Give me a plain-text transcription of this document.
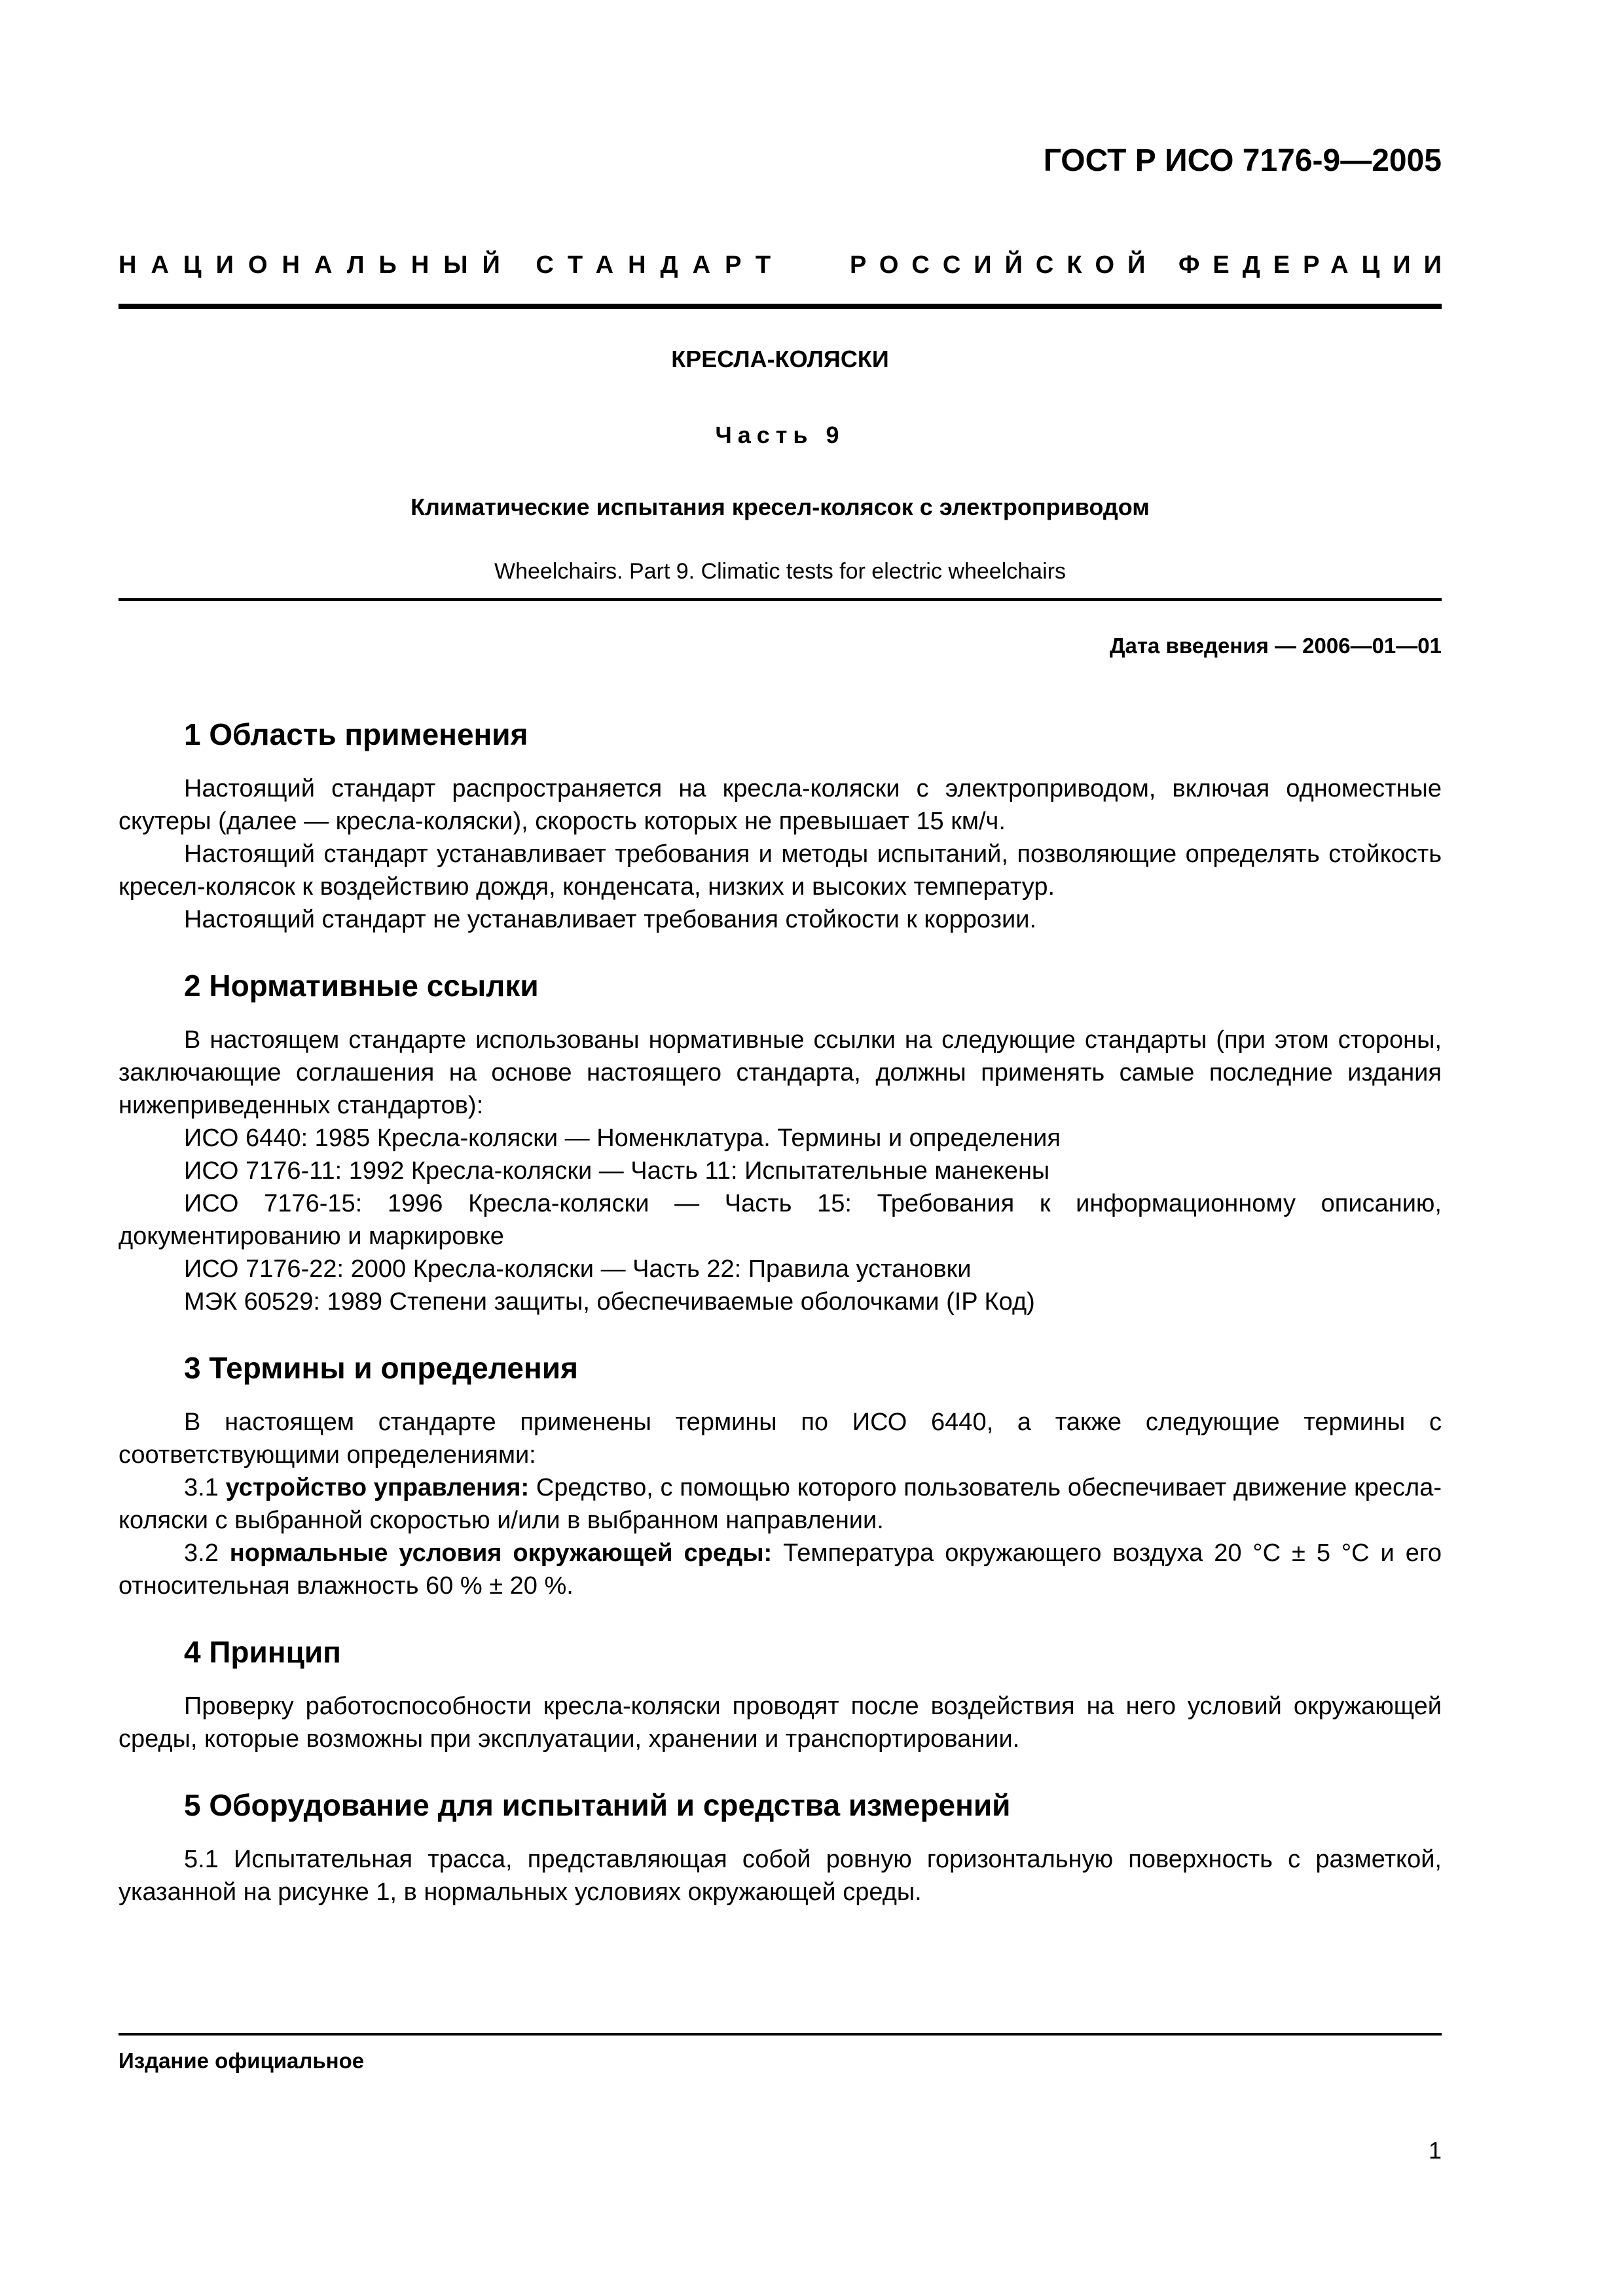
ГОСТ Р ИСО 7176-9—2005

НАЦИОНАЛЬНЫЙ СТАНДАРТ	РОССИЙСКОЙ ФЕДЕРАЦИИ

КРЕСЛА-КОЛЯСКИ

Часть 9

Климатические испытания кресел-колясок с электроприводом

Wheelchairs. Part 9. Climatic tests for electric wheelchairs

Дата введения — 2006—01—01

1 Область применения

Настоящий стандарт распространяется на кресла-коляски с электроприводом, включая одноместные скутеры (далее — кресла-коляски), скорость которых не превышает 15 км/ч.

Настоящий стандарт устанавливает требования и методы испытаний, позволяющие определять стойкость кресел-колясок к воздействию дождя, конденсата, низких и высоких температур.

Настоящий стандарт не устанавливает требования стойкости к коррозии.

2 Нормативные ссылки

В настоящем стандарте использованы нормативные ссылки на следующие стандарты (при этом стороны, заключающие соглашения на основе настоящего стандарта, должны применять самые последние издания нижеприведенных стандартов):

ИСО 6440: 1985 Кресла-коляски — Номенклатура. Термины и определения

ИСО 7176-11: 1992 Кресла-коляски — Часть 11: Испытательные манекены

ИСО 7176-15: 1996 Кресла-коляски — Часть 15: Требования к информационному описанию, документированию и маркировке

ИСО 7176-22: 2000 Кресла-коляски — Часть 22: Правила установки

МЭК 60529: 1989 Степени защиты, обеспечиваемые оболочками (IP Код)

3 Термины и определения

В настоящем стандарте применены термины по ИСО 6440, а также следующие термины с соответствующими определениями:

3.1 устройство управления: Средство, с помощью которого пользователь обеспечивает движение кресла-коляски с выбранной скоростью и/или в выбранном направлении.

3.2 нормальные условия окружающей среды: Температура окружающего воздуха 20 °C ± 5 °C и его относительная влажность 60 % ± 20 %.

4 Принцип

Проверку работоспособности кресла-коляски проводят после воздействия на него условий окружающей среды, которые возможны при эксплуатации, хранении и транспортировании.

5 Оборудование для испытаний и средства измерений

5.1 Испытательная трасса, представляющая собой ровную горизонтальную поверхность с разметкой, указанной на рисунке 1, в нормальных условиях окружающей среды.

Издание официальное

1
